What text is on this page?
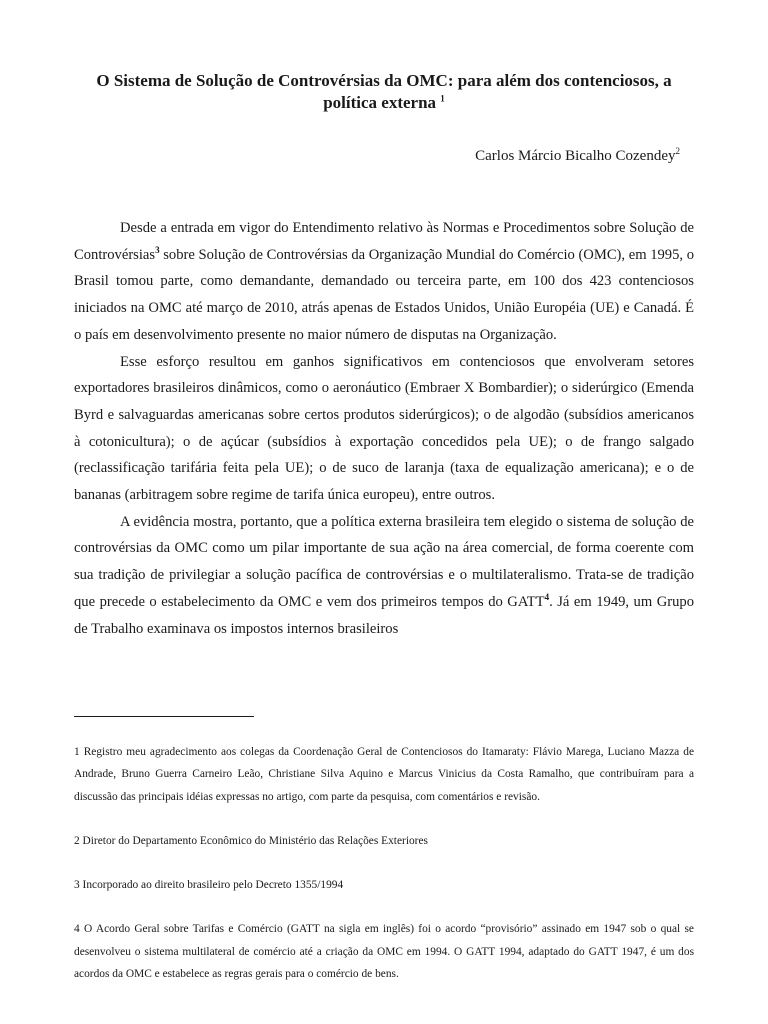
O Sistema de Solução de Controvérsias da OMC: para além dos contenciosos, a política externa $^1$
Carlos Márcio Bicalho Cozendey$^2$

Desde a entrada em vigor do Entendimento relativo às Normas e Procedimentos sobre Solução de Controvérsias$^3$ sobre Solução de Controvérsias da Organização Mundial do Comércio (OMC), em 1995, o Brasil tomou parte, como demandante, demandado ou terceira parte, em 100 dos 423 contenciosos iniciados na OMC até março de 2010, atrás apenas de Estados Unidos, União Européia (UE) e Canadá. É o país em desenvolvimento presente no maior número de disputas na Organização.

Esse esforço resultou em ganhos significativos em contenciosos que envolveram setores exportadores brasileiros dinâmicos, como o aeronáutico (Embraer X Bombardier); o siderúrgico (Emenda Byrd e salvaguardas americanas sobre certos produtos siderúrgicos); o de algodão (subsídios americanos à cotonicultura); o de açúcar (subsídios à exportação concedidos pela UE); o de frango salgado (reclassificação tarifária feita pela UE); o de suco de laranja (taxa de equalização americana); e o de bananas (arbitragem sobre regime de tarifa única europeu), entre outros.

A evidência mostra, portanto, que a política externa brasileira tem elegido o sistema de solução de controvérsias da OMC como um pilar importante de sua ação na área comercial, de forma coerente com sua tradição de privilegiar a solução pacífica de controvérsias e o multilateralismo. Trata-se de tradição que precede o estabelecimento da OMC e vem dos primeiros tempos do GATT$^4$. Já em 1949, um Grupo de Trabalho examinava os impostos internos brasileiros

1 Registro meu agradecimento aos colegas da Coordenação Geral de Contenciosos do Itamaraty: Flávio Marega, Luciano Mazza de Andrade, Bruno Guerra Carneiro Leão, Christiane Silva Aquino e Marcus Vinicius da Costa Ramalho, que contribuíram para a discussão das principais idéias expressas no artigo, com parte da pesquisa, com comentários e revisão.

2 Diretor do Departamento Econômico do Ministério das Relações Exteriores

3 Incorporado ao direito brasileiro pelo Decreto 1355/1994

4 O Acordo Geral sobre Tarifas e Comércio (GATT na sigla em inglês) foi o acordo “provisório” assinado em 1947 sob o qual se desenvolveu o sistema multilateral de comércio até a criação da OMC em 1994. O GATT 1994, adaptado do GATT 1947, é um dos acordos da OMC e estabelece as regras gerais para o comércio de bens.
